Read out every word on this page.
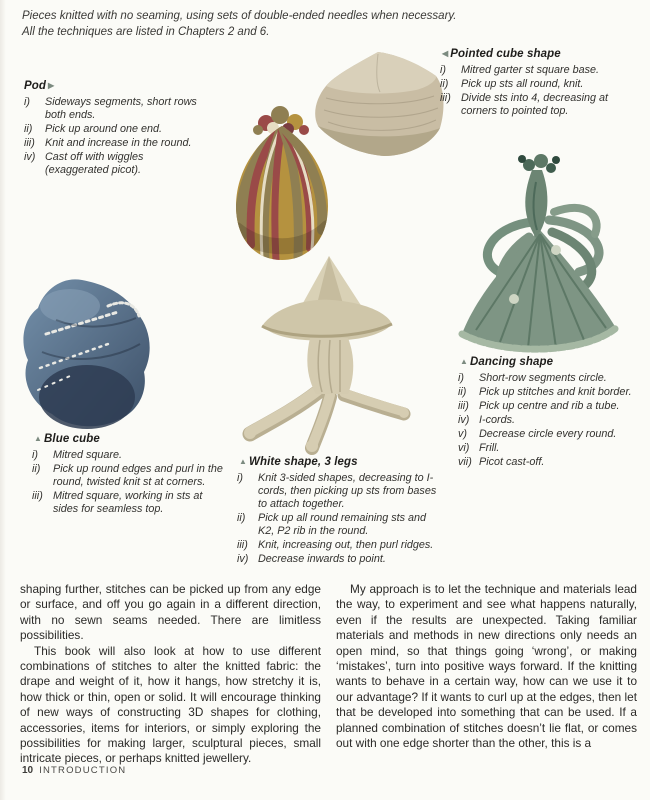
Pieces knitted with no seaming, using sets of double-ended needles when necessary.
All the techniques are listed in Chapters 2 and 6.
Pod ▶
i)	Sideways segments, short rows both ends.
ii)	Pick up around one end.
iii) Knit and increase in the round.
iv) Cast off with wiggles (exaggerated picot).
◀ Pointed cube shape
i)	Mitred garter st square base.
ii)	Pick up sts all round, knit.
iii) Divide sts into 4, decreasing at corners to pointed top.
▲ Blue cube
i)	Mitred square.
ii)	Pick up round edges and purl in the round, twisted knit st at corners.
iii) Mitred square, working in sts at sides for seamless top.
▲ White shape, 3 legs
i)	Knit 3-sided shapes, decreasing to I-cords, then picking up sts from bases to attach together.
ii)	Pick up all round remaining sts and K2, P2 rib in the round.
iii) Knit, increasing out, then purl ridges.
iv) Decrease inwards to point.
▲ Dancing shape
i)	Short-row segments circle.
ii)	Pick up stitches and knit border.
iii) Pick up centre and rib a tube.
iv) I-cords.
v)	Decrease circle every round.
vi) Frill.
vii) Picot cast-off.

shaping further, stitches can be picked up from any edge or surface, and off you go again in a different direction, with no sewn seams needed. There are limitless possibilities.

This book will also look at how to use different combinations of stitches to alter the knitted fabric: the drape and weight of it, how it hangs, how stretchy it is, how thick or thin, open or solid. It will encourage thinking of new ways of constructing 3D shapes for clothing, accessories, items for interiors, or simply exploring the possibilities for making larger, sculptural pieces, small intricate pieces, or perhaps knitted jewellery.

My approach is to let the technique and materials lead the way, to experiment and see what happens naturally, even if the results are unexpected. Taking familiar materials and methods in new directions only needs an open mind, so that things going ‘wrong’, or making ‘mistakes’, turn into positive ways forward. If the knitting wants to behave in a certain way, how can we use it to our advantage? If it wants to curl up at the edges, then let that be developed into something that can be used. If a planned combination of stitches doesn’t lie flat, or comes out with one edge shorter than the other, this is a

10 INTRODUCTION
